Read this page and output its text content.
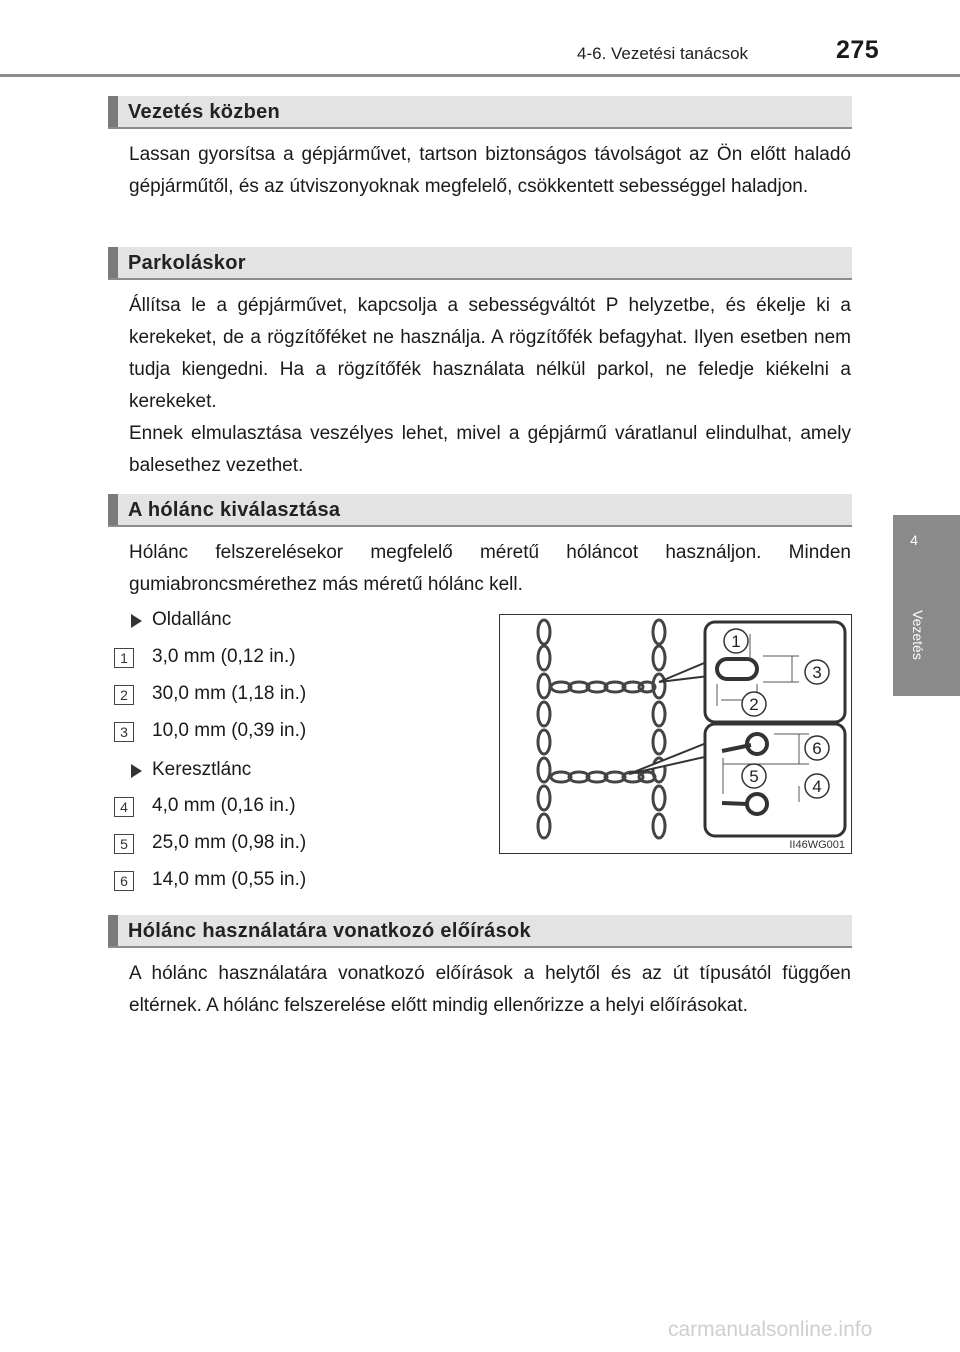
4-6. Vezetési tanácsok	275
4
Vezetés
Vezetés közben

Lassan gyorsítsa a gépjárművet, tartson biztonságos távolságot az Ön előtt haladó gépjárműtől, és az útviszonyoknak megfelelő, csökkentett sebességgel haladjon.

Parkoláskor

Állítsa le a gépjárművet, kapcsolja a sebességváltót P helyzetbe, és ékelje ki a kerekeket, de a rögzítőféket ne használja. A rögzítőfék befagyhat. Ilyen esetben nem tudja kiengedni. Ha a rögzítőfék használata nélkül parkol, ne feledje kiékelni a kerekeket.

Ennek elmulasztása veszélyes lehet, mivel a gépjármű váratlanul elindulhat, amely balesethez vezethet.

A hólánc kiválasztása

Hólánc felszerelésekor megfelelő méretű hóláncot használjon. Minden gumiabroncsmérethez más méretű hólánc kell.

Oldallánc
1	3,0 mm (0,12 in.)
2	30,0 mm (1,18 in.)
3	10,0 mm (0,39 in.)
Keresztlánc
4	4,0 mm (0,16 in.)
5	25,0 mm (0,98 in.)
6	14,0 mm (0,55 in.)
1
2
3
4
5
6
II46WG001
Hólánc használatára vonatkozó előírások

A hólánc használatára vonatkozó előírások a helytől és az út típusától függően eltérnek. A hólánc felszerelése előtt mindig ellenőrizze a helyi előírásokat.

carmanualsonline.info
